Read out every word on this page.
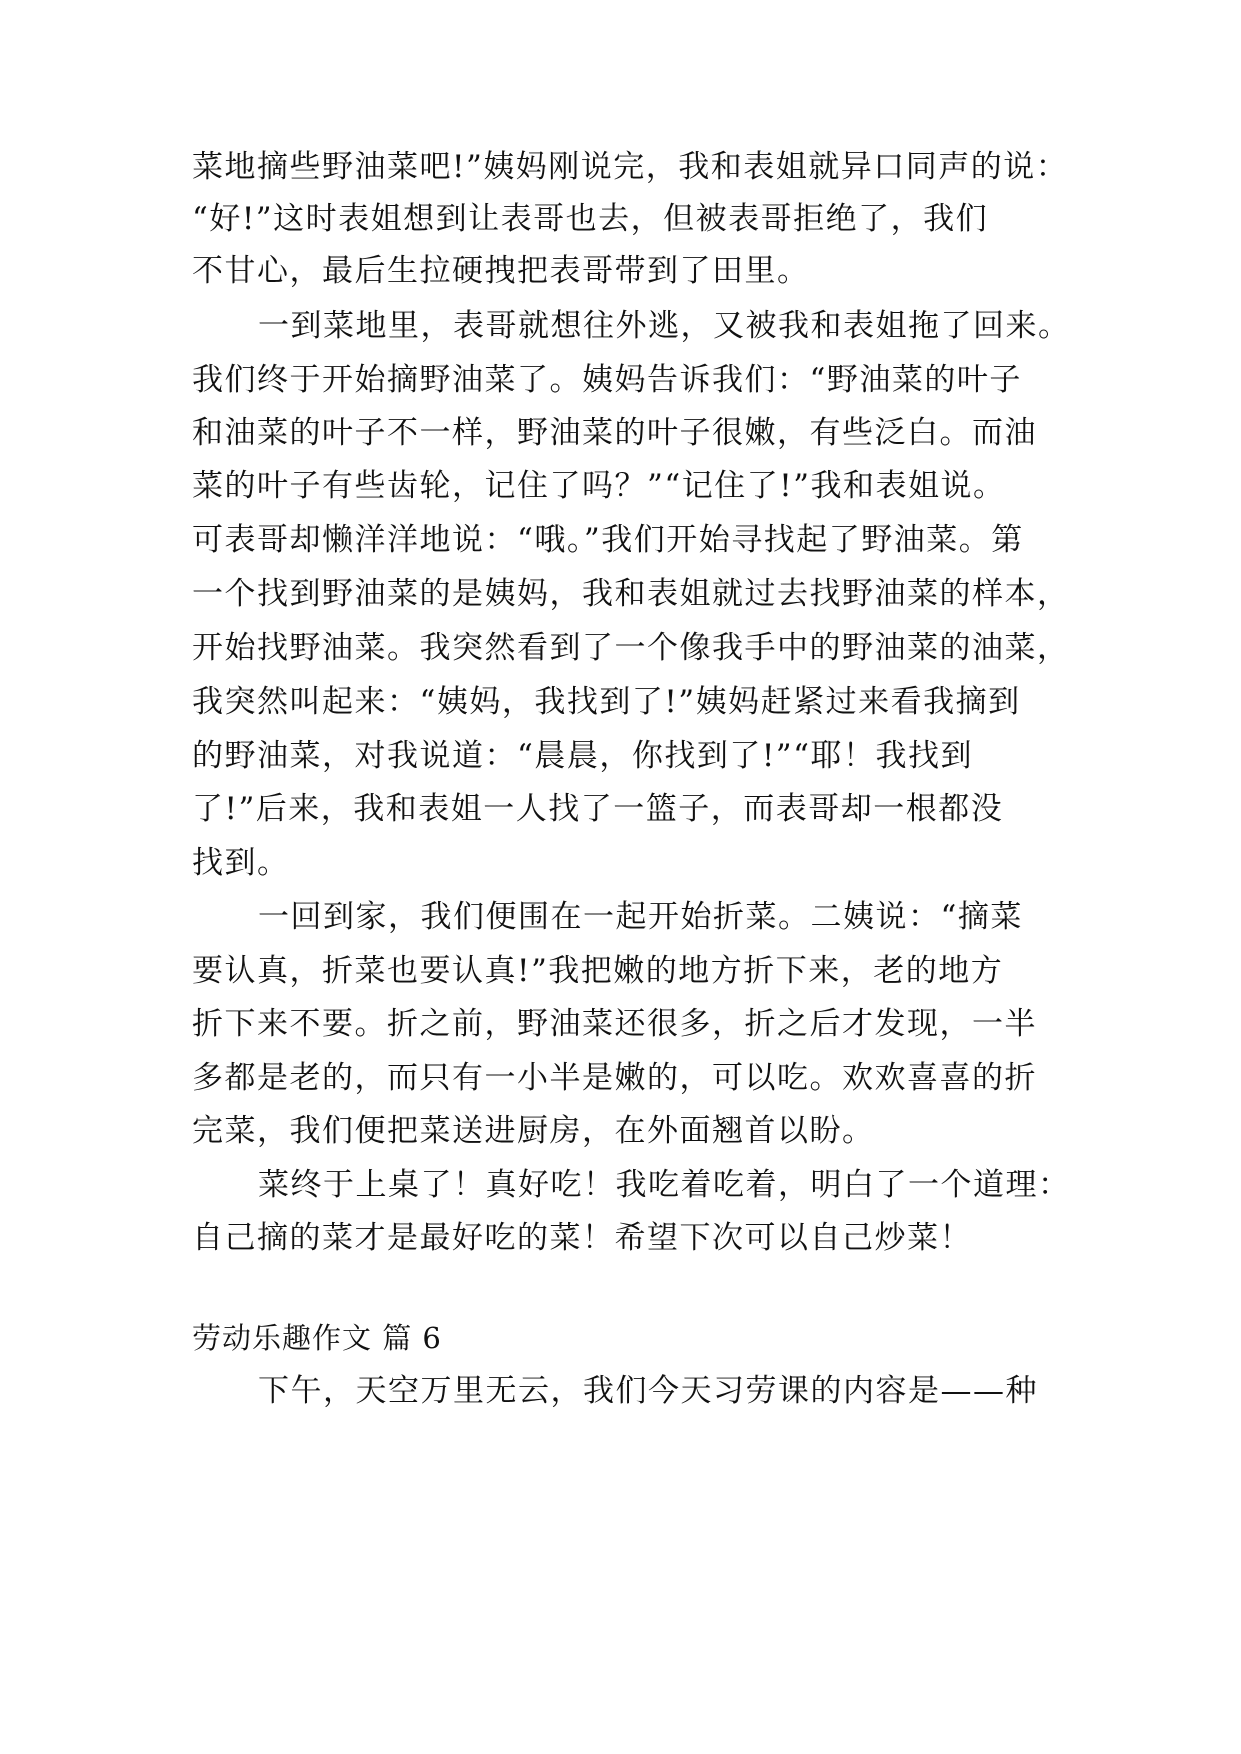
菜地摘些野油菜吧!”姨妈刚说完，我和表姐就异口同声的说：
“好!”这时表姐想到让表哥也去，但被表哥拒绝了，我们
不甘心，最后生拉硬拽把表哥带到了田里。
一到菜地里，表哥就想往外逃，又被我和表姐拖了回来。
我们终于开始摘野油菜了。姨妈告诉我们：“野油菜的叶子
和油菜的叶子不一样，野油菜的叶子很嫩，有些泛白。而油
菜的叶子有些齿轮，记住了吗？”“记住了!”我和表姐说。
可表哥却懒洋洋地说：“哦。”我们开始寻找起了野油菜。第
一个找到野油菜的是姨妈，我和表姐就过去找野油菜的样本，
开始找野油菜。我突然看到了一个像我手中的野油菜的油菜，
我突然叫起来：“姨妈，我找到了!”姨妈赶紧过来看我摘到
的野油菜，对我说道：“晨晨，你找到了!”“耶！我找到
了!”后来，我和表姐一人找了一篮子，而表哥却一根都没
找到。
一回到家，我们便围在一起开始折菜。二姨说：“摘菜
要认真，折菜也要认真!”我把嫩的地方折下来，老的地方
折下来不要。折之前，野油菜还很多，折之后才发现，一半
多都是老的，而只有一小半是嫩的，可以吃。欢欢喜喜的折
完菜，我们便把菜送进厨房，在外面翘首以盼。
菜终于上桌了！真好吃！我吃着吃着，明白了一个道理：
自己摘的菜才是最好吃的菜！希望下次可以自己炒菜！
劳动乐趣作文 篇 6
下午，天空万里无云，我们今天习劳课的内容是——种
